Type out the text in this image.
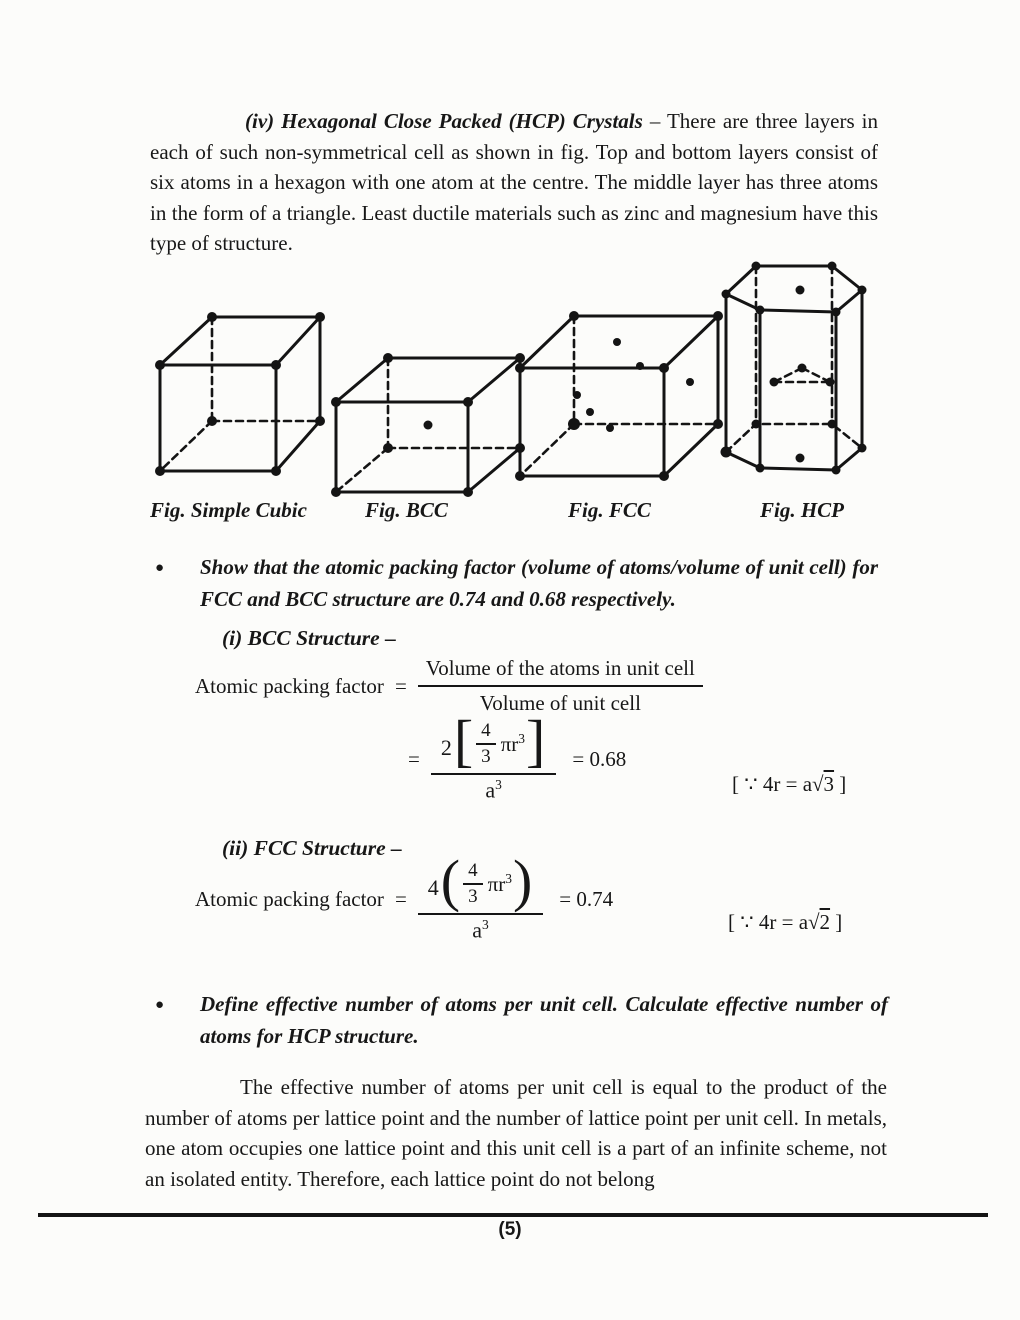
(iv) Hexagonal Close Packed (HCP) Crystals – There are three layers in each of such non-symmetrical cell as shown in fig. Top and bottom layers consist of six atoms in a hexagon with one atom at the centre. The middle layer has three atoms in the form of a triangle. Least ductile materials such as zinc and magnesium have this type of structure.

Fig. Simple Cubic	Fig. BCC	Fig. FCC	Fig. HCP
● Show that the atomic packing factor (volume of atoms/volume of unit cell) for FCC and BCC structure are 0.74 and 0.68 respectively.

(i) BCC Structure –
Atomic packing factor = $\frac{\text{Volume of the atoms in unit cell}}{\text{Volume of unit cell}}$
= 2 [ 4
3
$\pi r^3$ ]
$a^3$
= 0.68
[ ∵ 4r = a√3 ]
(ii) FCC Structure –
Atomic packing factor = 4 ( 4
3
$\pi r^3$ )
$a^3$
= 0.74
[ ∵ 4r = a√2 ]
● Define effective number of atoms per unit cell. Calculate effective number of atoms for HCP structure.

The effective number of atoms per unit cell is equal to the product of the number of atoms per lattice point and the number of lattice point per unit cell. In metals, one atom occupies one lattice point and this unit cell is a part of an infinite scheme, not an isolated entity. Therefore, each lattice point do not belong

(5)
